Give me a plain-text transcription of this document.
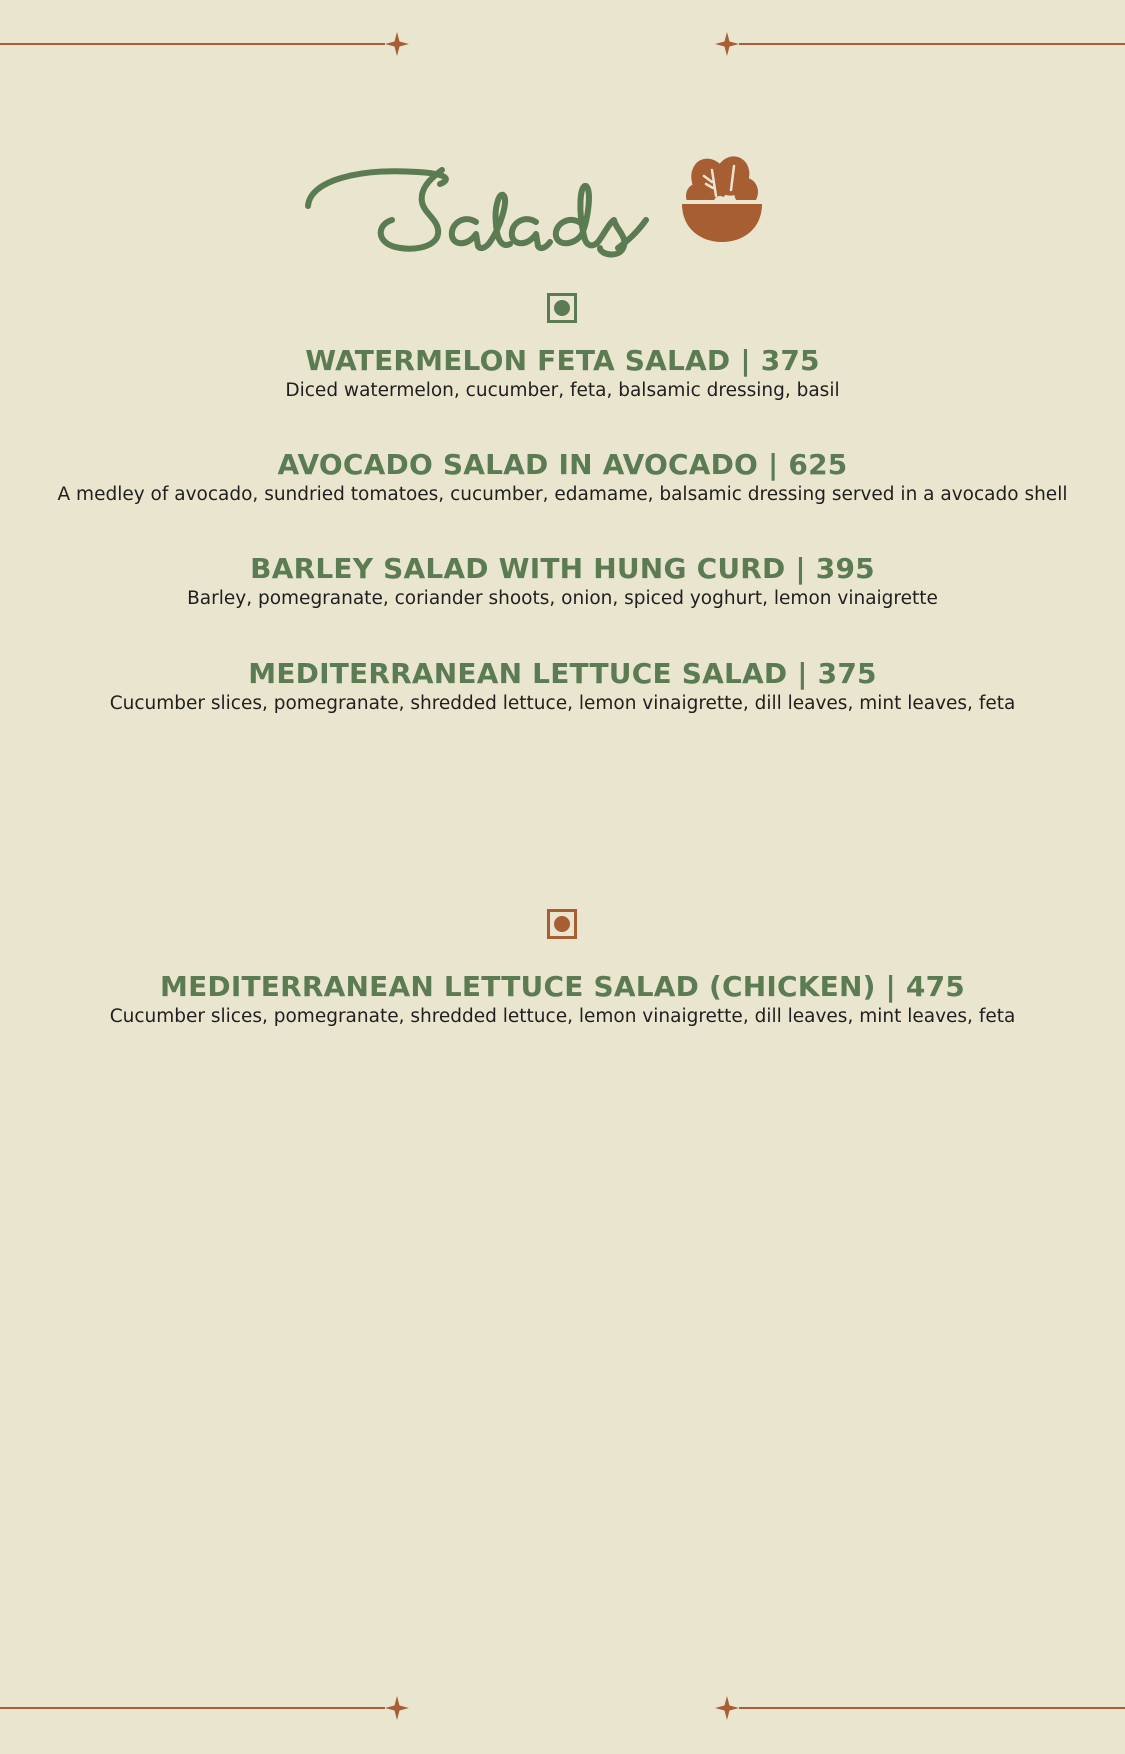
WATERMELON FETA SALAD | 375

Diced watermelon, cucumber, feta, balsamic dressing, basil

AVOCADO SALAD IN AVOCADO | 625

A medley of avocado, sundried tomatoes, cucumber, edamame, balsamic dressing served in a avocado shell

BARLEY SALAD WITH HUNG CURD | 395

Barley, pomegranate, coriander shoots, onion, spiced yoghurt, lemon vinaigrette

MEDITERRANEAN LETTUCE SALAD | 375

Cucumber slices, pomegranate, shredded lettuce, lemon vinaigrette, dill leaves, mint leaves, feta

MEDITERRANEAN LETTUCE SALAD (CHICKEN) | 475

Cucumber slices, pomegranate, shredded lettuce, lemon vinaigrette, dill leaves, mint leaves, feta
